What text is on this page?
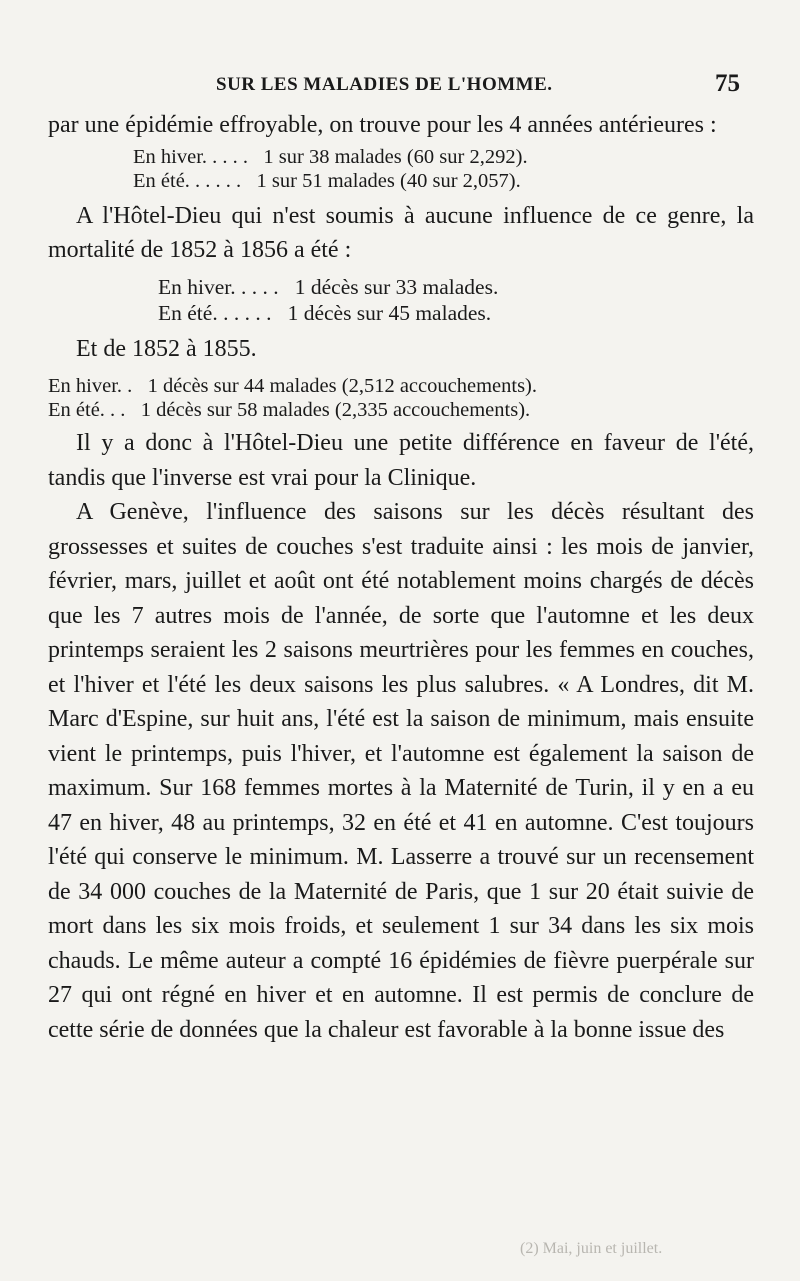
SUR LES MALADIES DE L'HOMME.	75

par une épidémie effroyable, on trouve pour les 4 années antérieures :

En hiver. . . . .   1 sur 38 malades (60 sur 2,292).
En été. . . . . .   1 sur 51 malades (40 sur 2,057).

A l'Hôtel-Dieu qui n'est soumis à aucune influence de ce genre, la mortalité de 1852 à 1856 a été :

En hiver. . . . .   1 décès sur 33 malades.
En été. . . . . .   1 décès sur 45 malades.

Et de 1852 à 1855.

En hiver. .   1 décès sur 44 malades (2,512 accouchements).
En été. . .   1 décès sur 58 malades (2,335 accouchements).

Il y a donc à l'Hôtel-Dieu une petite différence en faveur de l'été, tandis que l'inverse est vrai pour la Clinique.

A Genève, l'influence des saisons sur les décès résultant des grossesses et suites de couches s'est traduite ainsi : les mois de janvier, février, mars, juillet et août ont été notablement moins chargés de décès que les 7 autres mois de l'année, de sorte que l'automne et les deux printemps seraient les 2 saisons meurtrières pour les femmes en couches, et l'hiver et l'été les deux saisons les plus salubres. « A Londres, dit M. Marc d'Espine, sur huit ans, l'été est la saison de minimum, mais ensuite vient le printemps, puis l'hiver, et l'automne est également la saison de maximum. Sur 168 femmes mortes à la Maternité de Turin, il y en a eu 47 en hiver, 48 au printemps, 32 en été et 41 en automne. C'est toujours l'été qui conserve le minimum. M. Lasserre a trouvé sur un recensement de 34 000 couches de la Maternité de Paris, que 1 sur 20 était suivie de mort dans les six mois froids, et seulement 1 sur 34 dans les six mois chauds. Le même auteur a compté 16 épidémies de fièvre puerpérale sur 27 qui ont régné en hiver et en automne. Il est permis de conclure de cette série de données que la chaleur est favorable à la bonne issue des

(2) Mai, juin et juillet.
